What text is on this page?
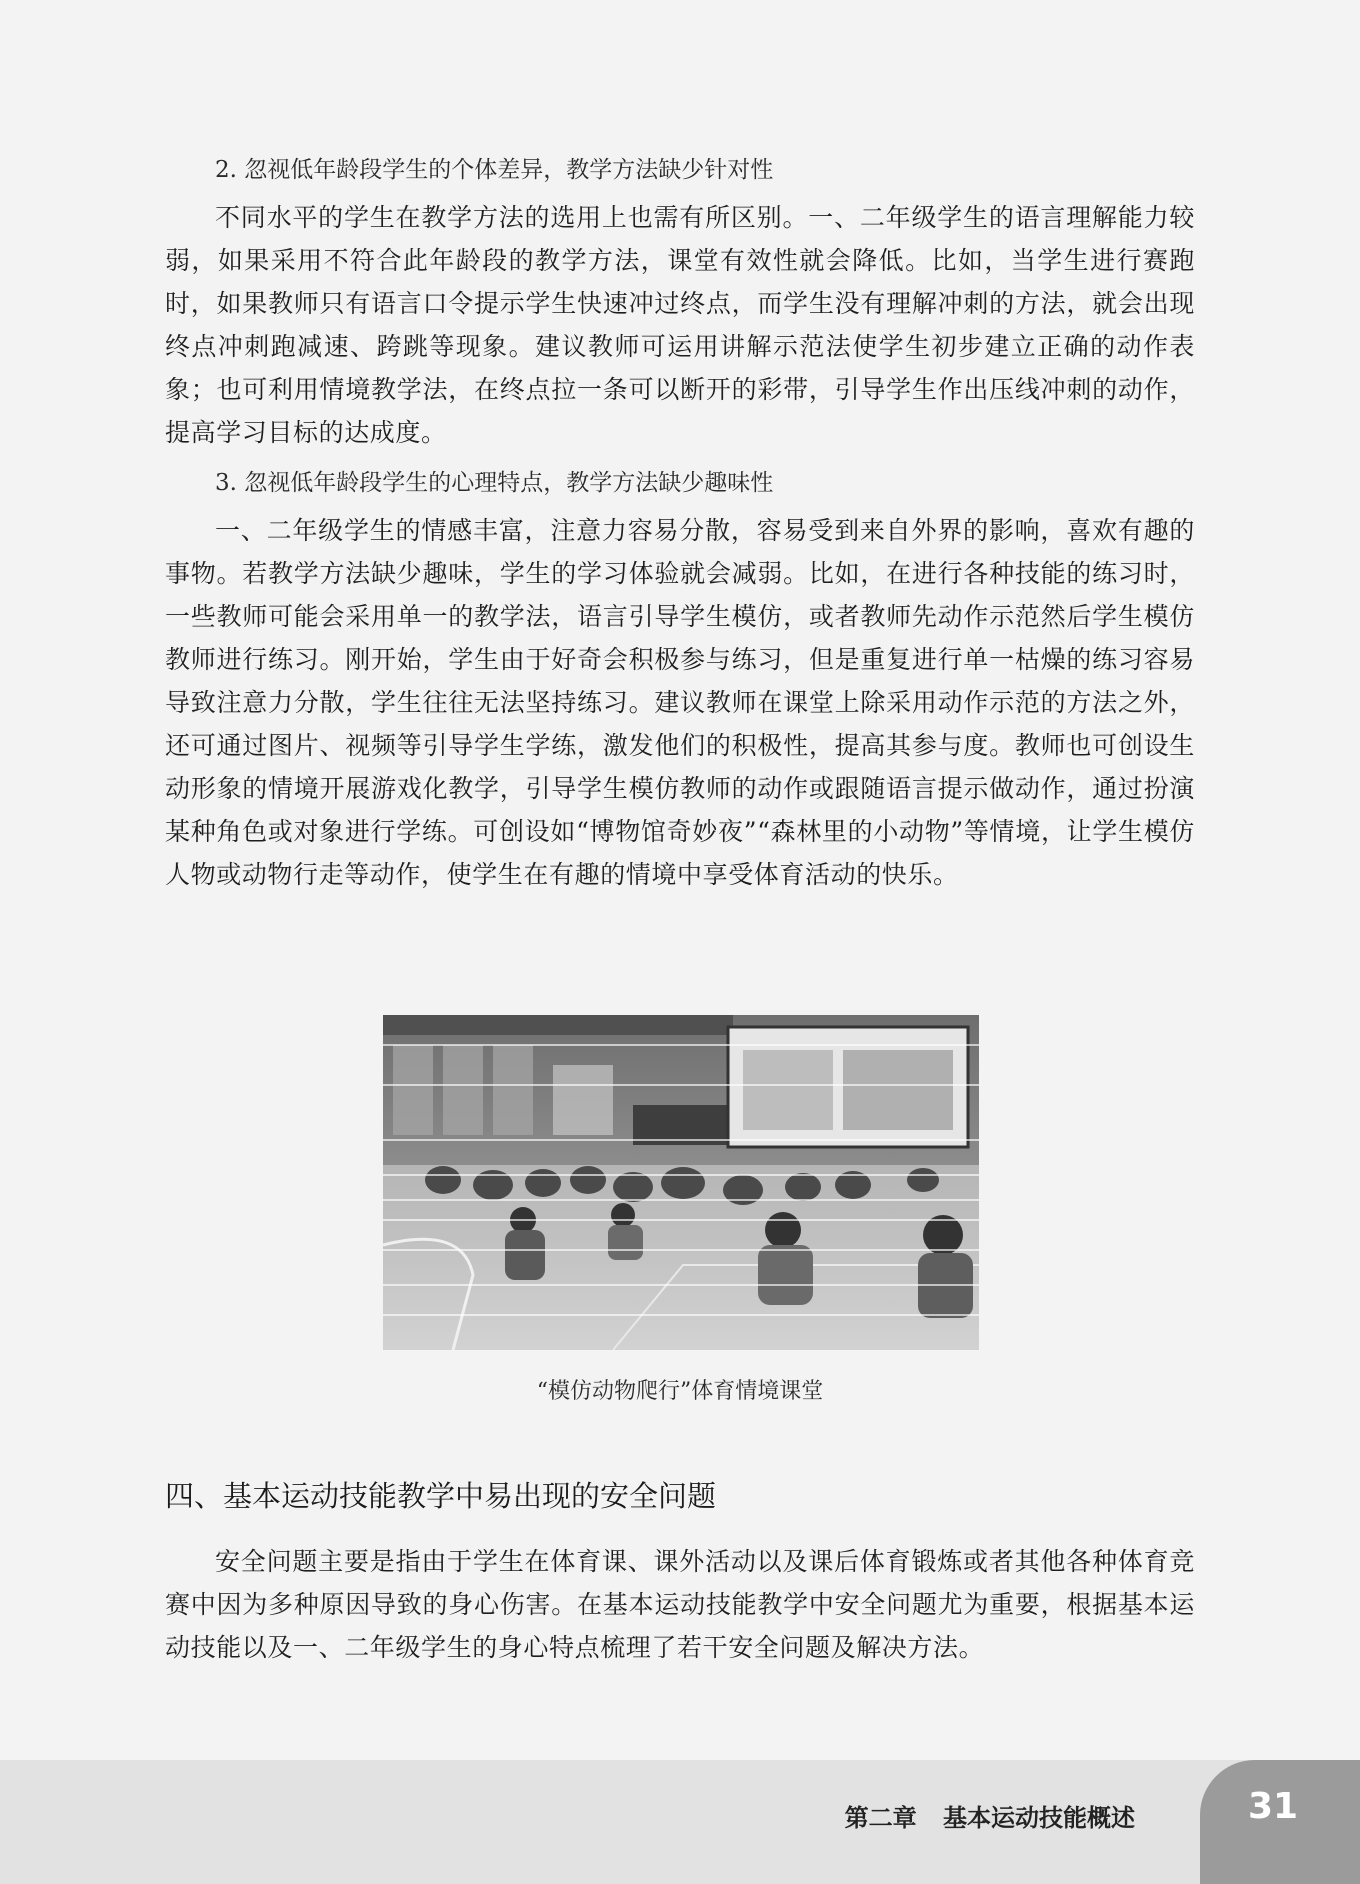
2. 忽视低年龄段学生的个体差异，教学方法缺少针对性

不同水平的学生在教学方法的选用上也需有所区别。一、二年级学生的语言理解能力较弱，如果采用不符合此年龄段的教学方法，课堂有效性就会降低。比如，当学生进行赛跑时，如果教师只有语言口令提示学生快速冲过终点，而学生没有理解冲刺的方法，就会出现终点冲刺跑减速、跨跳等现象。建议教师可运用讲解示范法使学生初步建立正确的动作表象；也可利用情境教学法，在终点拉一条可以断开的彩带，引导学生作出压线冲刺的动作，提高学习目标的达成度。

3. 忽视低年龄段学生的心理特点，教学方法缺少趣味性

一、二年级学生的情感丰富，注意力容易分散，容易受到来自外界的影响，喜欢有趣的事物。若教学方法缺少趣味，学生的学习体验就会减弱。比如，在进行各种技能的练习时，一些教师可能会采用单一的教学法，语言引导学生模仿，或者教师先动作示范然后学生模仿教师进行练习。刚开始，学生由于好奇会积极参与练习，但是重复进行单一枯燥的练习容易导致注意力分散，学生往往无法坚持练习。建议教师在课堂上除采用动作示范的方法之外，还可通过图片、视频等引导学生学练，激发他们的积极性，提高其参与度。教师也可创设生动形象的情境开展游戏化教学，引导学生模仿教师的动作或跟随语言提示做动作，通过扮演某种角色或对象进行学练。可创设如“博物馆奇妙夜”“森林里的小动物”等情境，让学生模仿人物或动物行走等动作，使学生在有趣的情境中享受体育活动的快乐。

“模仿动物爬行”体育情境课堂
四、基本运动技能教学中易出现的安全问题

安全问题主要是指由于学生在体育课、课外活动以及课后体育锻炼或者其他各种体育竞赛中因为多种原因导致的身心伤害。在基本运动技能教学中安全问题尤为重要，根据基本运动技能以及一、二年级学生的身心特点梳理了若干安全问题及解决方法。

第二章 基本运动技能概述	31
